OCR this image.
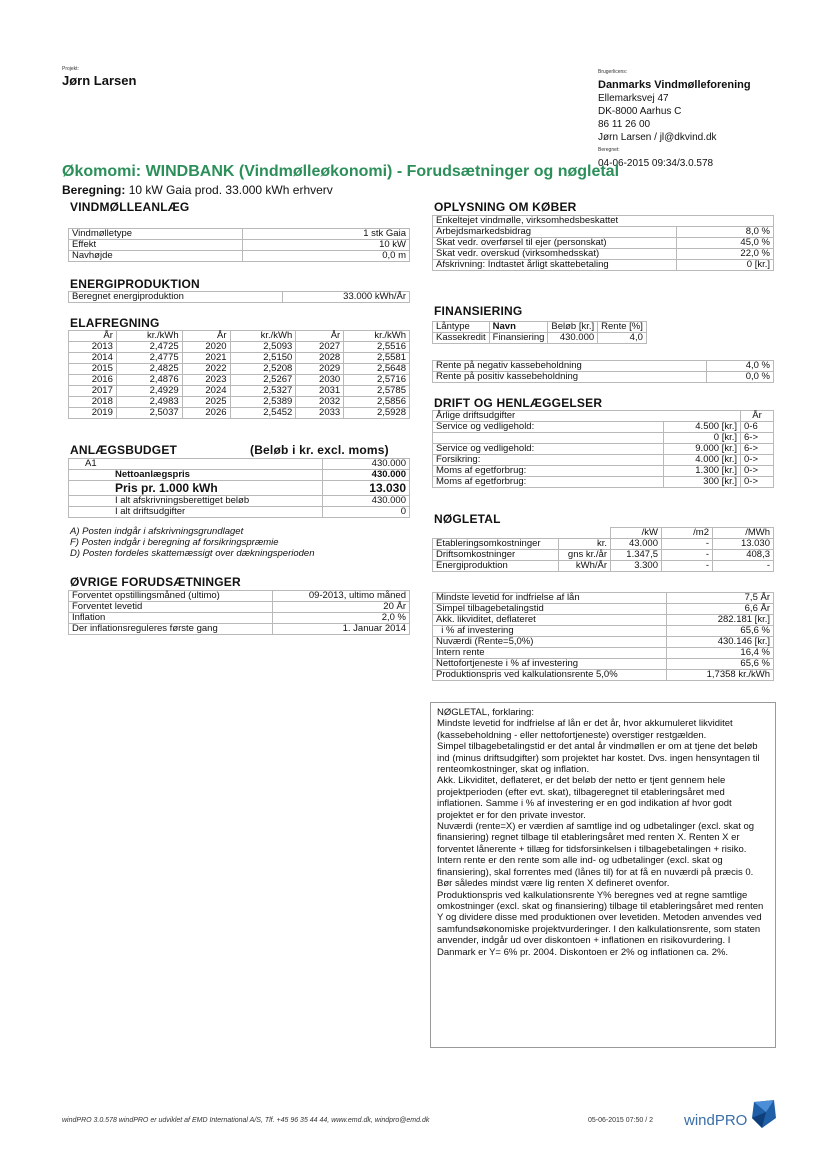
Projekt:
Jørn Larsen
Brugerlicens:
Danmarks Vindmølleforening
Ellemarksvej 47
DK-8000 Aarhus C
86 11 26 00
Jørn Larsen / jl@dkvind.dk
Beregnet:
04-06-2015 09:34/3.0.578
Økomomi: WINDBANK (Vindmølleøkonomi) - Forudsætninger og nøgletal
Beregning: 10 kW Gaia prod. 33.000 kWh erhverv
VINDMØLLEANLÆG
Vindmølletype	1 stk Gaia
Effekt	10 kW
Navhøjde	0,0 m
ENERGIPRODUKTION
Beregnet energiproduktion	33.000 kWh/År
ELAFREGNING
År	kr./kWh	År	kr./kWh	År	kr./kWh
2013	2,4725	2020	2,5093	2027	2,5516
2014	2,4775	2021	2,5150	2028	2,5581
2015	2,4825	2022	2,5208	2029	2,5648
2016	2,4876	2023	2,5267	2030	2,5716
2017	2,4929	2024	2,5327	2031	2,5785
2018	2,4983	2025	2,5389	2032	2,5856
2019	2,5037	2026	2,5452	2033	2,5928
ANLÆGSBUDGET	(Beløb i kr. excl. moms)
A1	430.000
Nettoanlægspris	430.000
Pris pr. 1.000 kWh	13.030
I alt afskrivningsberettiget beløb	430.000
I alt driftsudgifter	0
A) Posten indgår i afskrivningsgrundlaget
F) Posten indgår i beregning af forsikringspræmie
D) Posten fordeles skattemæssigt over dækningsperioden
ØVRIGE FORUDSÆTNINGER
Forventet opstillingsmåned (ultimo)	09-2013, ultimo måned
Forventet levetid	20 År
Inflation	2,0 %
Der inflationsreguleres første gang	1. Januar 2014
OPLYSNING OM KØBER
Enkeltejet vindmølle, virksomhedsbeskattet	
Arbejdsmarkedsbidrag	8,0 %
Skat vedr. overførsel til ejer (personskat)	45,0 %
Skat vedr. overskud (virksomhedsskat)	22,0 %
Afskrivning: Indtastet årligt skattebetaling	0 [kr.]
FINANSIERING
Låntype	Navn	Beløb [kr.]	Rente [%]
Kassekredit	Finansiering	430.000	4,0
Rente på negativ kassebeholdning	4,0 %
Rente på positiv kassebeholdning	0,0 %
DRIFT OG HENLÆGGELSER
Årlige driftsudgifter		År
Service og vedligehold:	4.500 [kr.]	0-6
	0 [kr.]	6->
Service og vedligehold:	9.000 [kr.]	6->
Forsikring:	4.000 [kr.]	0->
Moms af egetforbrug:	1.300 [kr.]	0->
Moms af egetforbrug:	300 [kr.]	0->
NØGLETAL
		/kW	/m2	/MWh
Etableringsomkostninger	kr.	43.000	-	13.030
Driftsomkostninger	gns kr./år	1.347,5	-	408,3
Energiproduktion	kWh/År	3.300	-	-
Mindste levetid for indfrielse af lån	7,5 År
Simpel tilbagebetalingstid	6,6 År
Akk. likviditet, deflateret	282.181 [kr.]
i % af investering	65,6 %
Nuværdi (Rente=5,0%)	430.146 [kr.]
Intern rente	16,4 %
Nettofortjeneste i % af investering	65,6 %
Produktionspris ved kalkulationsrente 5,0%	1,7358 kr./kWh
NØGLETAL, forklaring:
Mindste levetid for indfrielse af lån er det år, hvor akkumuleret likviditet (kassebeholdning - eller nettofortjeneste) overstiger restgælden.
Simpel tilbagebetalingstid er det antal år vindmøllen er om at tjene det beløb ind (minus driftsudgifter) som projektet har kostet. Dvs. ingen hensyntagen til renteomkostninger, skat og inflation.
Akk. Likviditet, deflateret, er det beløb der netto er tjent gennem hele projektperioden (efter evt. skat), tilbageregnet til etableringsåret med inflationen. Samme i % af investering er en god indikation af hvor godt projektet er for den private investor.
Nuværdi (rente=X) er værdien af samtlige ind og udbetalinger (excl. skat og finansiering) regnet tilbage til etableringsåret med renten X. Renten X er forventet lånerente + tillæg for tidsforsinkelsen i tilbagebetalingen + risiko.
Intern rente er den rente som alle ind- og udbetalinger (excl. skat og finansiering), skal forrentes med (lånes til) for at få en nuværdi på præcis 0. Bør således mindst være lig renten X defineret ovenfor.
Produktionspris ved kalkulationsrente Y% beregnes ved at regne samtlige omkostninger (excl. skat og finansiering) tilbage til etableringsåret med renten Y og dividere disse med produktionen over levetiden. Metoden anvendes ved samfundsøkonomiske projektvurderinger. I den kalkulationsrente, som staten anvender, indgår ud over diskontoen + inflationen en risikovurdering. I Danmark er Y= 6% pr. 2004. Diskontoen er 2% og inflationen ca. 2%.
windPRO 3.0.578 windPRO er udviklet af EMD International A/S, Tlf. +45 96 35 44 44, www.emd.dk, windpro@emd.dk	05-06-2015 07:50 / 2 windPRO
